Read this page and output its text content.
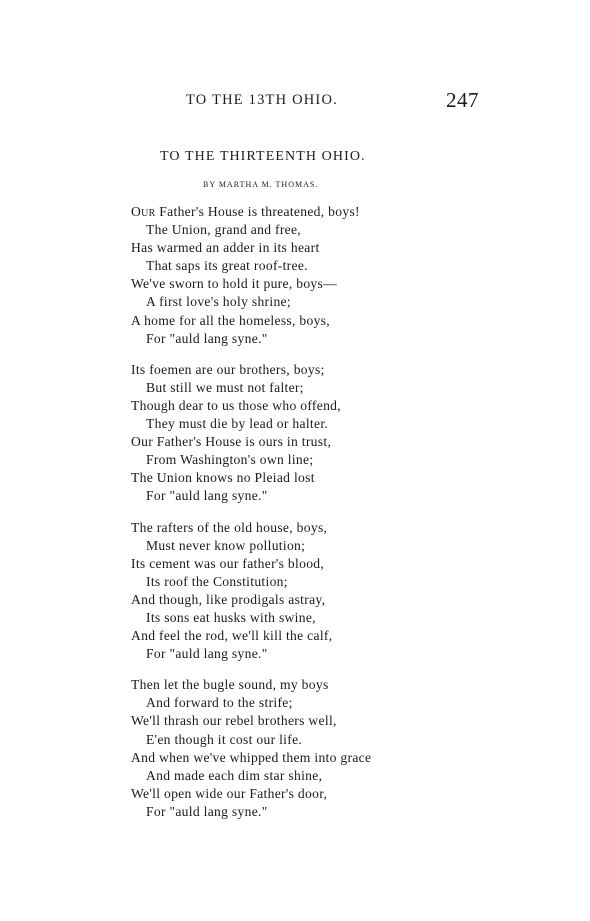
TO THE 13TH OHIO.	247
TO THE THIRTEENTH OHIO.
BY MARTHA M. THOMAS.
Our Father's House is threatened, boys!
The Union, grand and free,
Has warmed an adder in its heart
That saps its great roof-tree.
We've sworn to hold it pure, boys—
A first love's holy shrine;
A home for all the homeless, boys,
For "auld lang syne."
Its foemen are our brothers, boys;
But still we must not falter;
Though dear to us those who offend,
They must die by lead or halter.
Our Father's House is ours in trust,
From Washington's own line;
The Union knows no Pleiad lost
For "auld lang syne."
The rafters of the old house, boys,
Must never know pollution;
Its cement was our father's blood,
Its roof the Constitution;
And though, like prodigals astray,
Its sons eat husks with swine,
And feel the rod, we'll kill the calf,
For "auld lang syne."
Then let the bugle sound, my boys
And forward to the strife;
We'll thrash our rebel brothers well,
E'en though it cost our life.
And when we've whipped them into grace
And made each dim star shine,
We'll open wide our Father's door,
For "auld lang syne."
